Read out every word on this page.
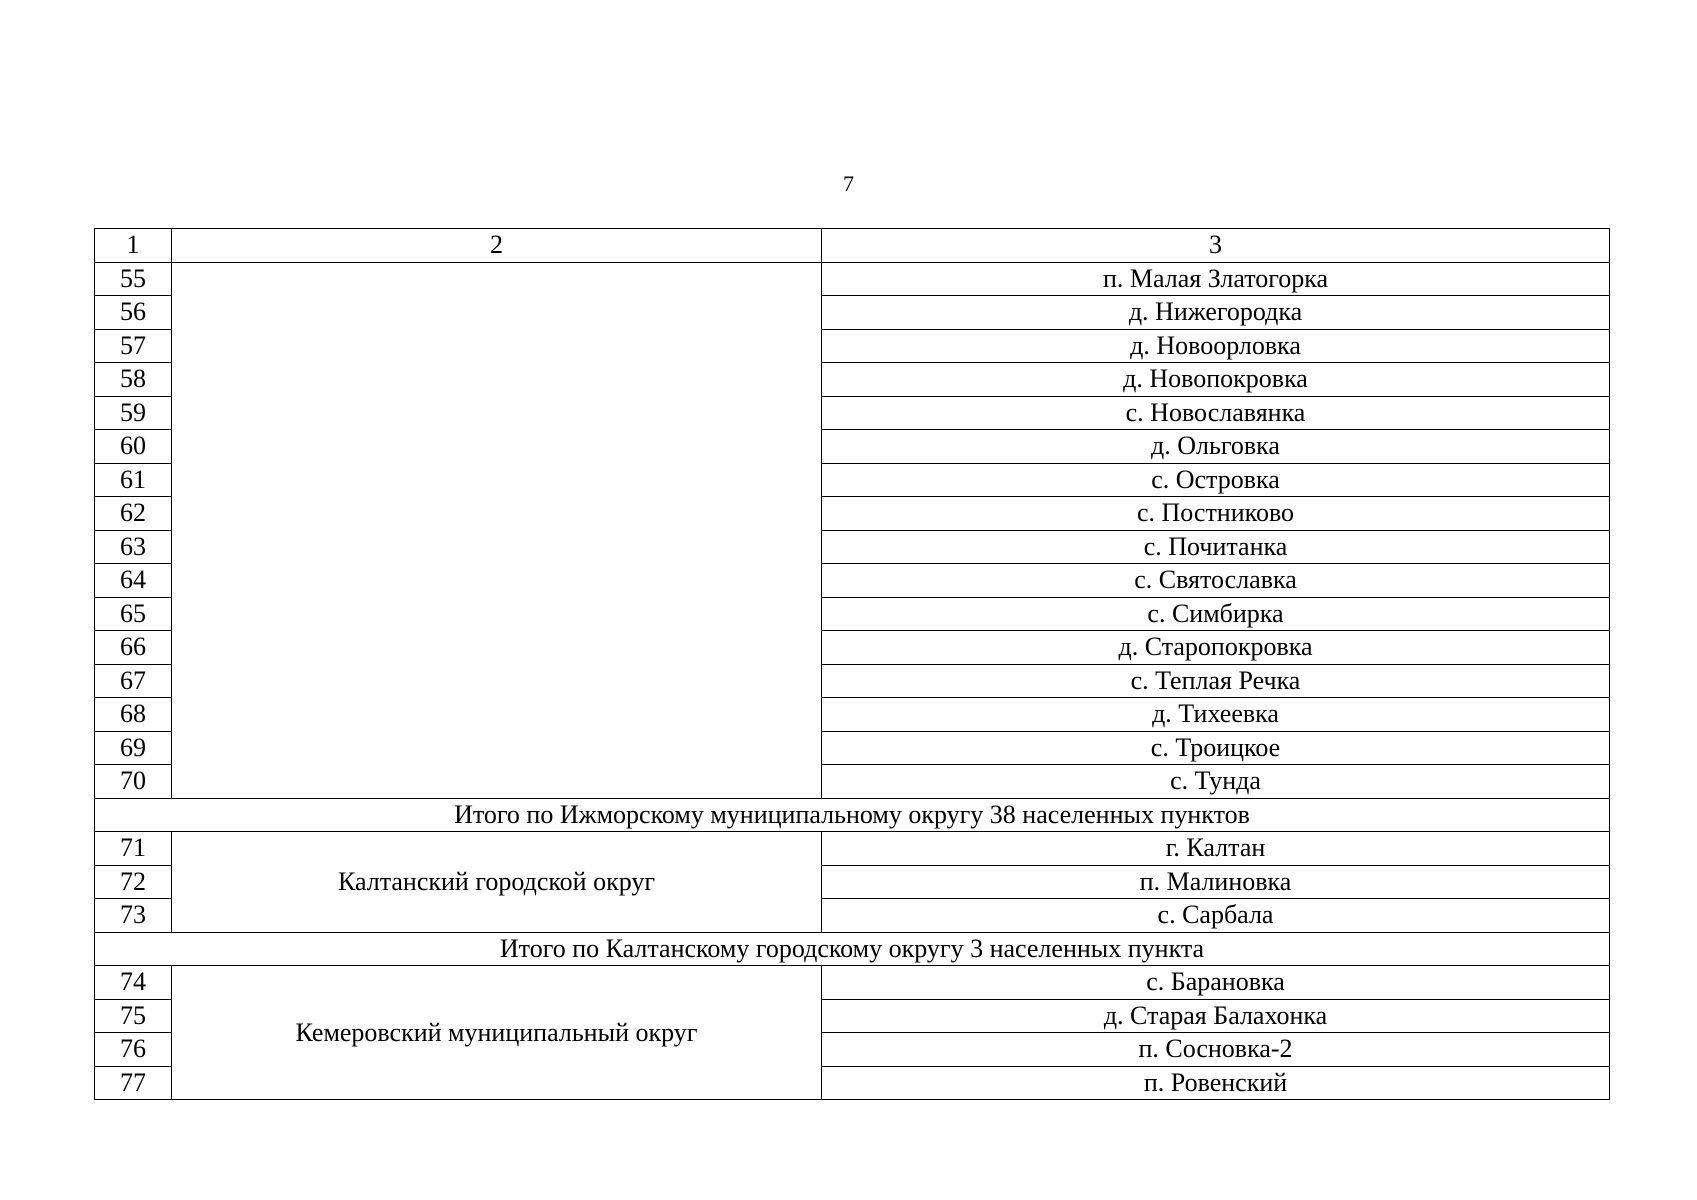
7
1	2	3
55		п. Малая Златогорка
56		д. Нижегородка
57		д. Новоорловка
58		д. Новопокровка
59		с. Новославянка
60		д. Ольговка
61		с. Островка
62		с. Постниково
63		с. Почитанка
64		с. Святославка
65		с. Симбирка
66		д. Старопокровка
67		с. Теплая Речка
68		д. Тихеевка
69		с. Троицкое
70		с. Тунда
Итого по Ижморскому муниципальному округу 38 населенных пунктов		
71	Калтанский городской округ	г. Калтан
72		п. Малиновка
73		с. Сарбала
Итого по Калтанскому городскому округу 3 населенных пункта		
74	Кемеровский муниципальный округ	с. Барановка
75		д. Старая Балахонка
76		п. Сосновка-2
77		п. Ровенский
